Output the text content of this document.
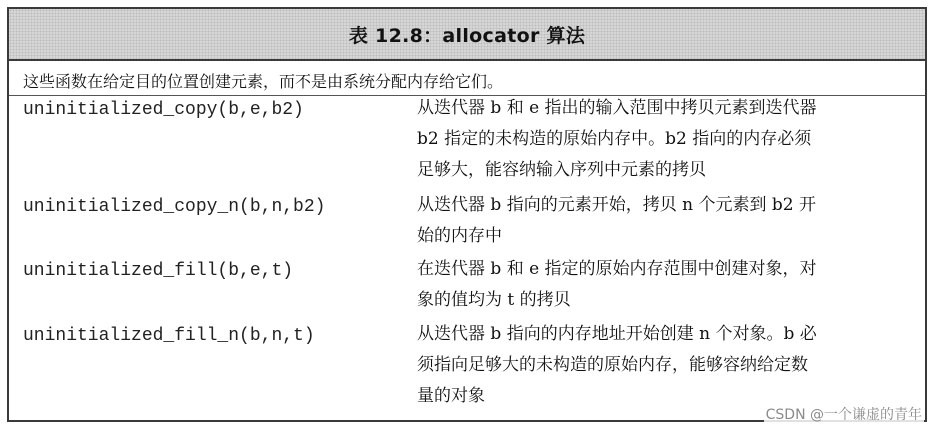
表 12.8：allocator 算法
这些函数在给定目的位置创建元素，而不是由系统分配内存给它们。
uninitialized_copy(b,e,b2)	从迭代器 b 和 e 指出的输入范围中拷贝元素到迭代器
b2 指定的未构造的原始内存中。b2 指向的内存必须
足够大，能容纳输入序列中元素的拷贝
uninitialized_copy_n(b,n,b2)	从迭代器 b 指向的元素开始，拷贝 n 个元素到 b2 开
始的内存中
uninitialized_fill(b,e,t)	在迭代器 b 和 e 指定的原始内存范围中创建对象，对
象的值均为 t 的拷贝
uninitialized_fill_n(b,n,t)	从迭代器 b 指向的内存地址开始创建 n 个对象。b 必
须指向足够大的未构造的原始内存，能够容纳给定数
量的对象
CSDN @一个谦虚的青年
